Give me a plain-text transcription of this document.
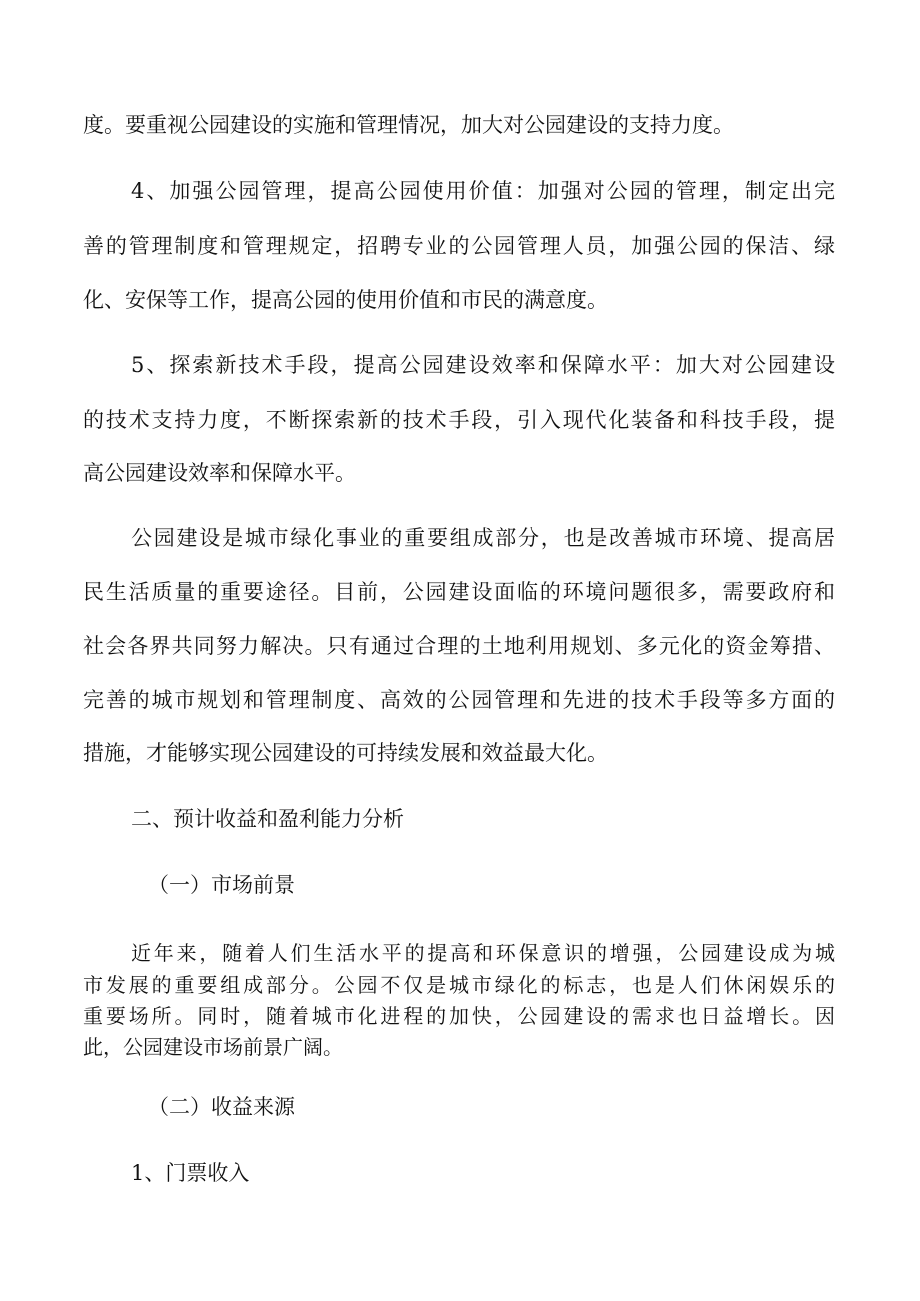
度。要重视公园建设的实施和管理情况，加大对公园建设的支持力度。
4、加强公园管理，提高公园使用价值：加强对公园的管理，制定出完
善的管理制度和管理规定，招聘专业的公园管理人员，加强公园的保洁、绿
化、安保等工作，提高公园的使用价值和市民的满意度。
5、探索新技术手段，提高公园建设效率和保障水平：加大对公园建设
的技术支持力度，不断探索新的技术手段，引入现代化装备和科技手段，提
高公园建设效率和保障水平。
公园建设是城市绿化事业的重要组成部分，也是改善城市环境、提高居
民生活质量的重要途径。目前，公园建设面临的环境问题很多，需要政府和
社会各界共同努力解决。只有通过合理的土地利用规划、多元化的资金筹措、
完善的城市规划和管理制度、高效的公园管理和先进的技术手段等多方面的
措施，才能够实现公园建设的可持续发展和效益最大化。
二、预计收益和盈利能力分析
（一）市场前景
近年来，随着人们生活水平的提高和环保意识的增强，公园建设成为城
市发展的重要组成部分。公园不仅是城市绿化的标志，也是人们休闲娱乐的
重要场所。同时，随着城市化进程的加快，公园建设的需求也日益增长。因
此，公园建设市场前景广阔。
（二）收益来源
1、门票收入
